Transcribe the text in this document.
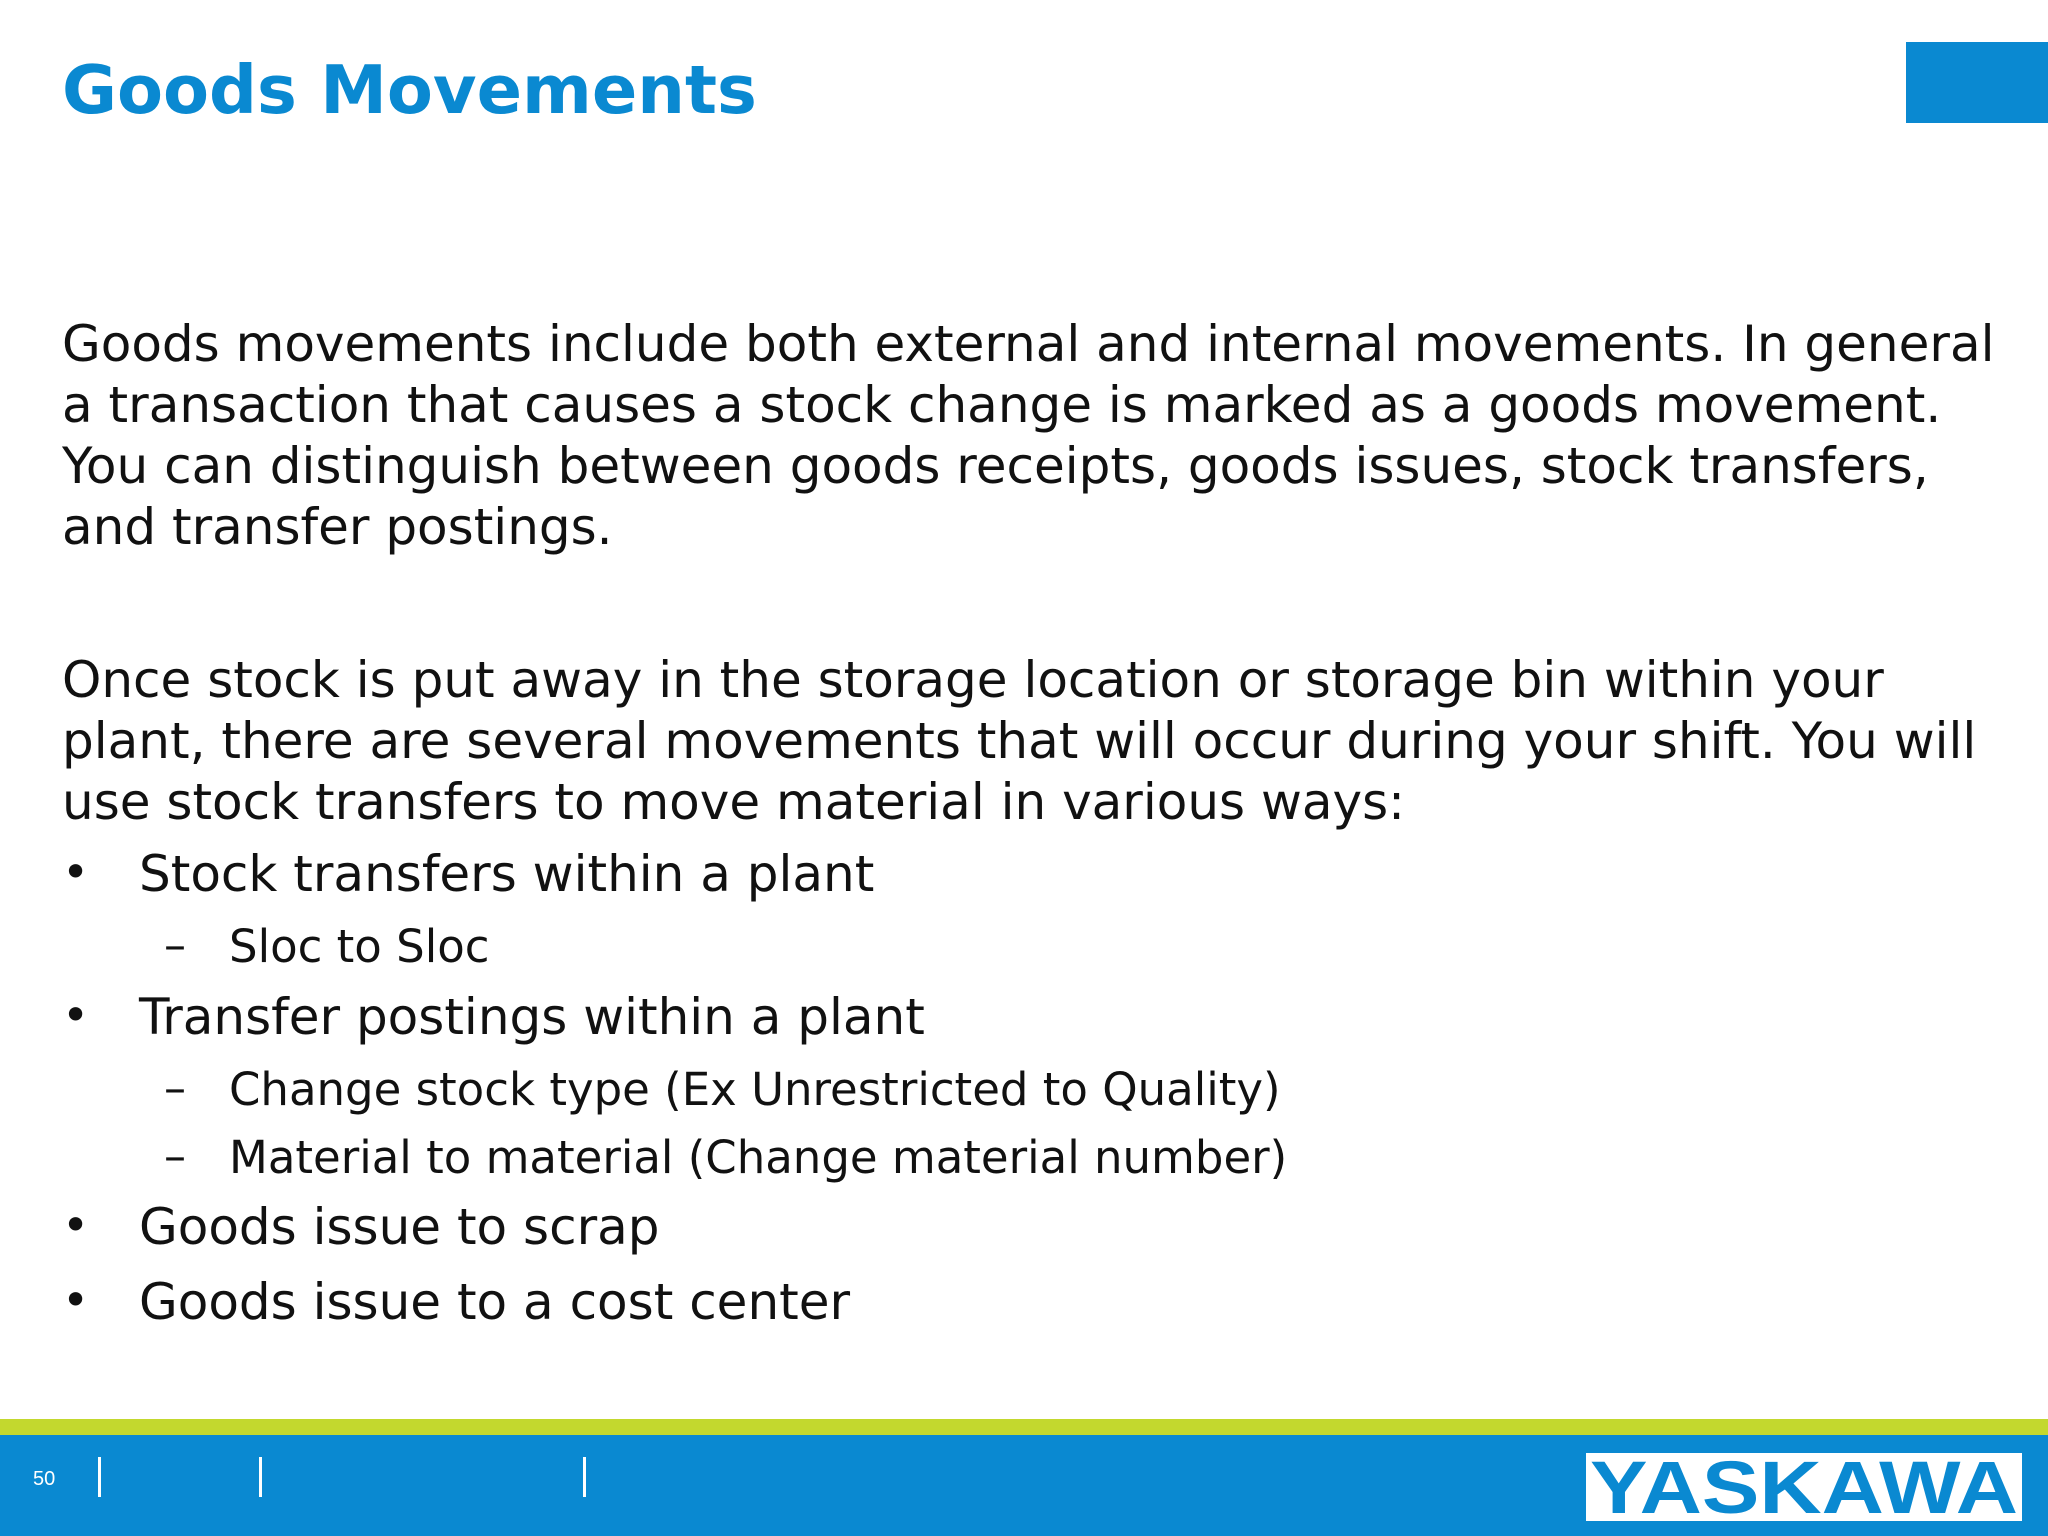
Goods Movements

Goods movements include both external and internal movements. In general a transaction that causes a stock change is marked as a goods movement. You can distinguish between goods receipts, goods issues, stock transfers, and transfer postings.

Once stock is put away in the storage location or storage bin within your plant, there are several movements that will occur during your shift. You will use stock transfers to move material in various ways:

• Stock transfers within a plant
– Sloc to Sloc
• Transfer postings within a plant
– Change stock type (Ex Unrestricted to Quality)
– Material to material (Change material number)
• Goods issue to scrap
• Goods issue to a cost center
50	YASKAWA
